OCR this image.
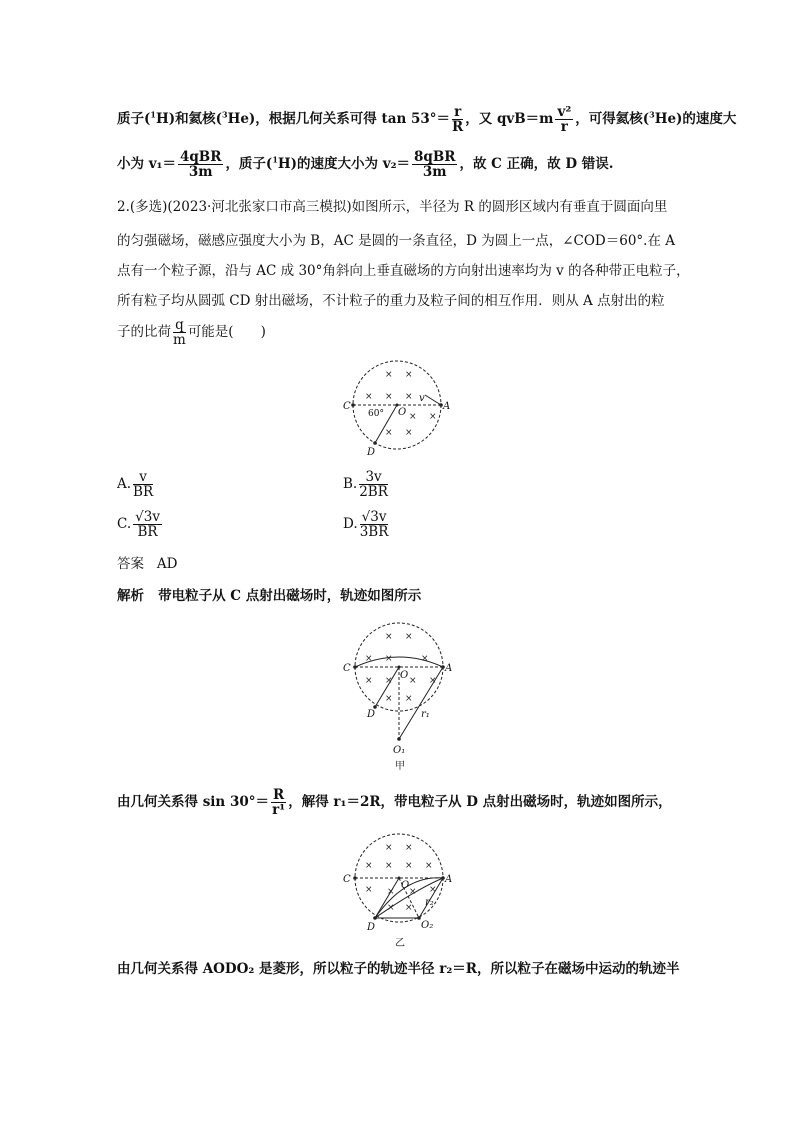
质子($^1$H)和氦核($^3$He)，根据几何关系可得 $\tan 53^\circ= \frac{r}{R}$ ，又 $qvB=m \frac{\text{v²}}{r}$ ，可得氦核($^3$He)的速度大
小为 $v_1= \frac{\text{4qBR}}{3m}$ ，质子($^1$H)的速度大小为 $v_2= \frac{\text{8qBR}}{3m}$ ，故 C 正确，故 D 错误.
2.(多选)(2023·河北张家口市高三模拟)如图所示，半径为 R 的圆形区域内有垂直于圆面向里
的匀强磁场，磁感应强度大小为 B，AC 是圆的一条直径，D 为圆上一点，∠COD＝60°.在 A
点有一个粒子源，沿与 AC 成 30°角斜向上垂直磁场的方向射出速率均为 v 的各种带正电粒子，
所有粒子均从圆弧 CD 射出磁场，不计粒子的重力及粒子间的相互作用．则从 A 点射出的粒
子的比荷 $\frac{q}{m}$ 可能是(　　)
× ×
× × ×
×
×
× ×
C	A
D
O
v
60°
A. $\frac{v}{BR}$	B. $\frac{3v}{2BR}$
C. $\frac{√3v}{BR}$	D. $\frac{√3v}{3BR}$
答案 AD
解析 带电粒子从 C 点射出磁场时，轨迹如图所示
× ×
× ×	×
× × × ×
× ×
C	A
D
O
O₁
r₁
甲
由几何关系得 $\sin 30^\circ= \frac{R}{\text{r¹}}$ ，解得 r₁＝2R，带电粒子从 D 点射出磁场时，轨迹如图所示，
× ×
× × × ×
× × × ×
× ×
C	A
D
O
O₂
r₂
乙
由几何关系得 AODO₂ 是菱形，所以粒子的轨迹半径 r₂＝R，所以粒子在磁场中运动的轨迹半
